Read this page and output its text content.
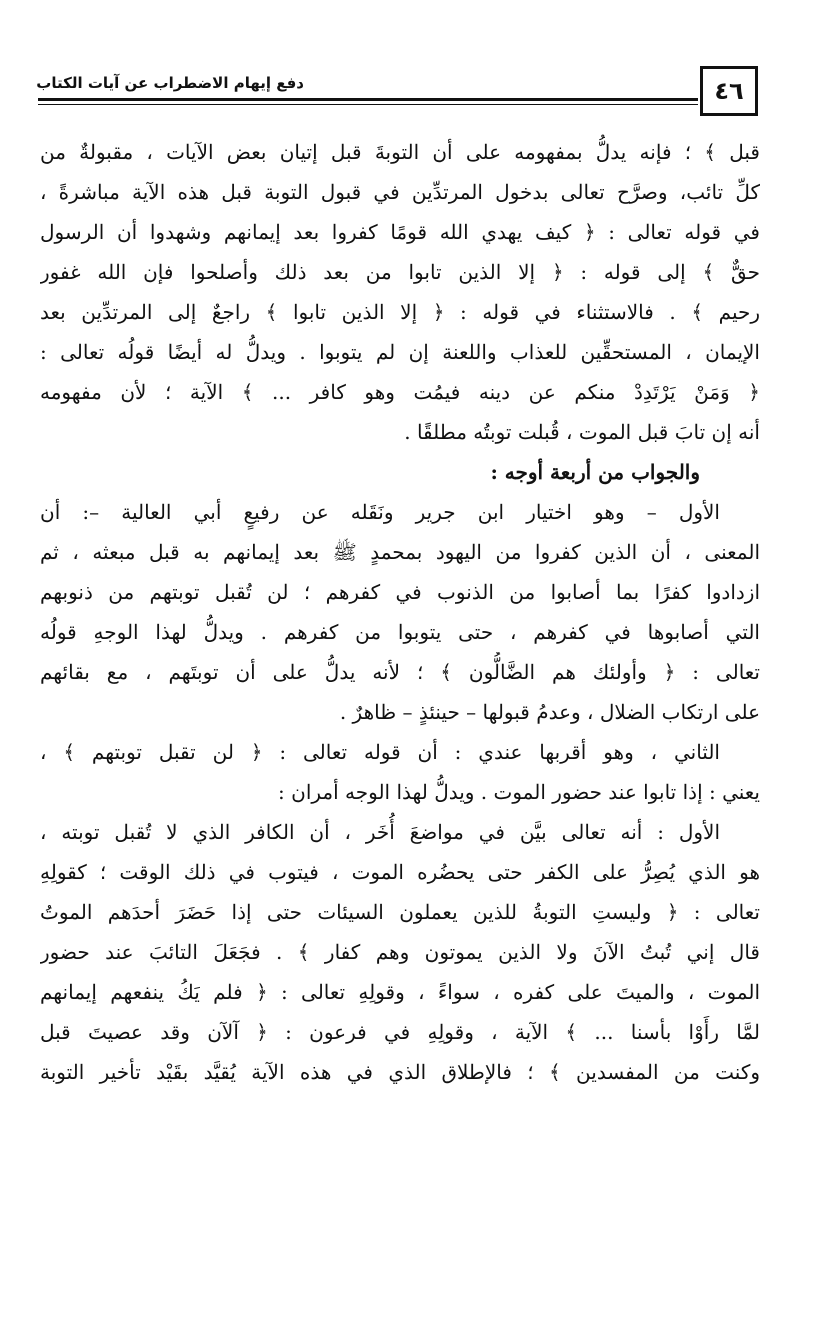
٤٦
دفع إيهام الاضطراب عن آيات الكتاب
قبل ﴾ ؛ فإنه يدلُّ بمفهومه على أن التوبةَ قبل إتيان بعض الآيات ، مقبولةٌ من
كلِّ تائب، وصرَّح تعالى بدخول المرتدِّين في قبول التوبة قبل هذه الآية مباشرةً ،
في قوله تعالى : ﴿ كيف يهدي الله قومًا كفروا بعد إيمانهم وشهدوا أن الرسول
حقٌّ ﴾ إلى قوله : ﴿ إلا الذين تابوا من بعد ذلك وأصلحوا فإن الله غفور
رحيم ﴾ . فالاستثناء في قوله : ﴿ إلا الذين تابوا ﴾ راجعٌ إلى المرتدِّين بعد
الإيمان ، المستحقِّين للعذاب واللعنة إن لم يتوبوا . ويدلُّ له أيضًا قولُه تعالى :
﴿ وَمَنْ يَرْتَدِدْ منكم عن دينه فيمُت وهو كافر ... ﴾ الآية ؛ لأن مفهومه
أنه إن تابَ قبل الموت ، قُبلت توبتُه مطلقًا .
والجواب من أربعة أوجه :
الأول – وهو اختيار ابن جرير ونَقَله عن رفيعٍ أبي العالية –: أن
المعنى ، أن الذين كفروا من اليهود بمحمدٍ ﷺ بعد إيمانهم به قبل مبعثه ، ثم
ازدادوا كفرًا بما أصابوا من الذنوب في كفرهم ؛ لن تُقبل توبتهم من ذنوبهم
التي أصابوها في كفرهم ، حتى يتوبوا من كفرهم . ويدلُّ لهذا الوجهِ قولُه
تعالى : ﴿ وأولئك هم الضَّالُّون ﴾ ؛ لأنه يدلُّ على أن توبتَهم ، مع بقائهم
على ارتكاب الضلال ، وعدمُ قبولها – حينئذٍ – ظاهرٌ .
الثاني ، وهو أقربها عندي : أن قوله تعالى : ﴿ لن تقبل توبتهم ﴾ ،
يعني : إذا تابوا عند حضور الموت . ويدلُّ لهذا الوجه أمران :
الأول : أنه تعالى بيَّن في مواضعَ أُخَر ، أن الكافر الذي لا تُقبل توبته ،
هو الذي يُصِرُّ على الكفر حتى يحضُره الموت ، فيتوب في ذلك الوقت ؛ كقولِهِ
تعالى : ﴿ وليستِ التوبةُ للذين يعملون السيئات حتى إذا حَضَرَ أحدَهم الموتُ
قال إني تُبتُ الآنَ ولا الذين يموتون وهم كفار ﴾ . فجَعَلَ التائبَ عند حضور
الموت ، والميتَ على كفره ، سواءً ، وقولِهِ تعالى : ﴿ فلم يَكُ ينفعهم إيمانهم
لمَّا رأَوْا بأسنا ... ﴾ الآية ، وقولِهِ في فرعون : ﴿ آلآن وقد عصيتَ قبل
وكنت من المفسدين ﴾ ؛ فالإطلاق الذي في هذه الآية يُقيَّد بقَيْد تأخير التوبة
